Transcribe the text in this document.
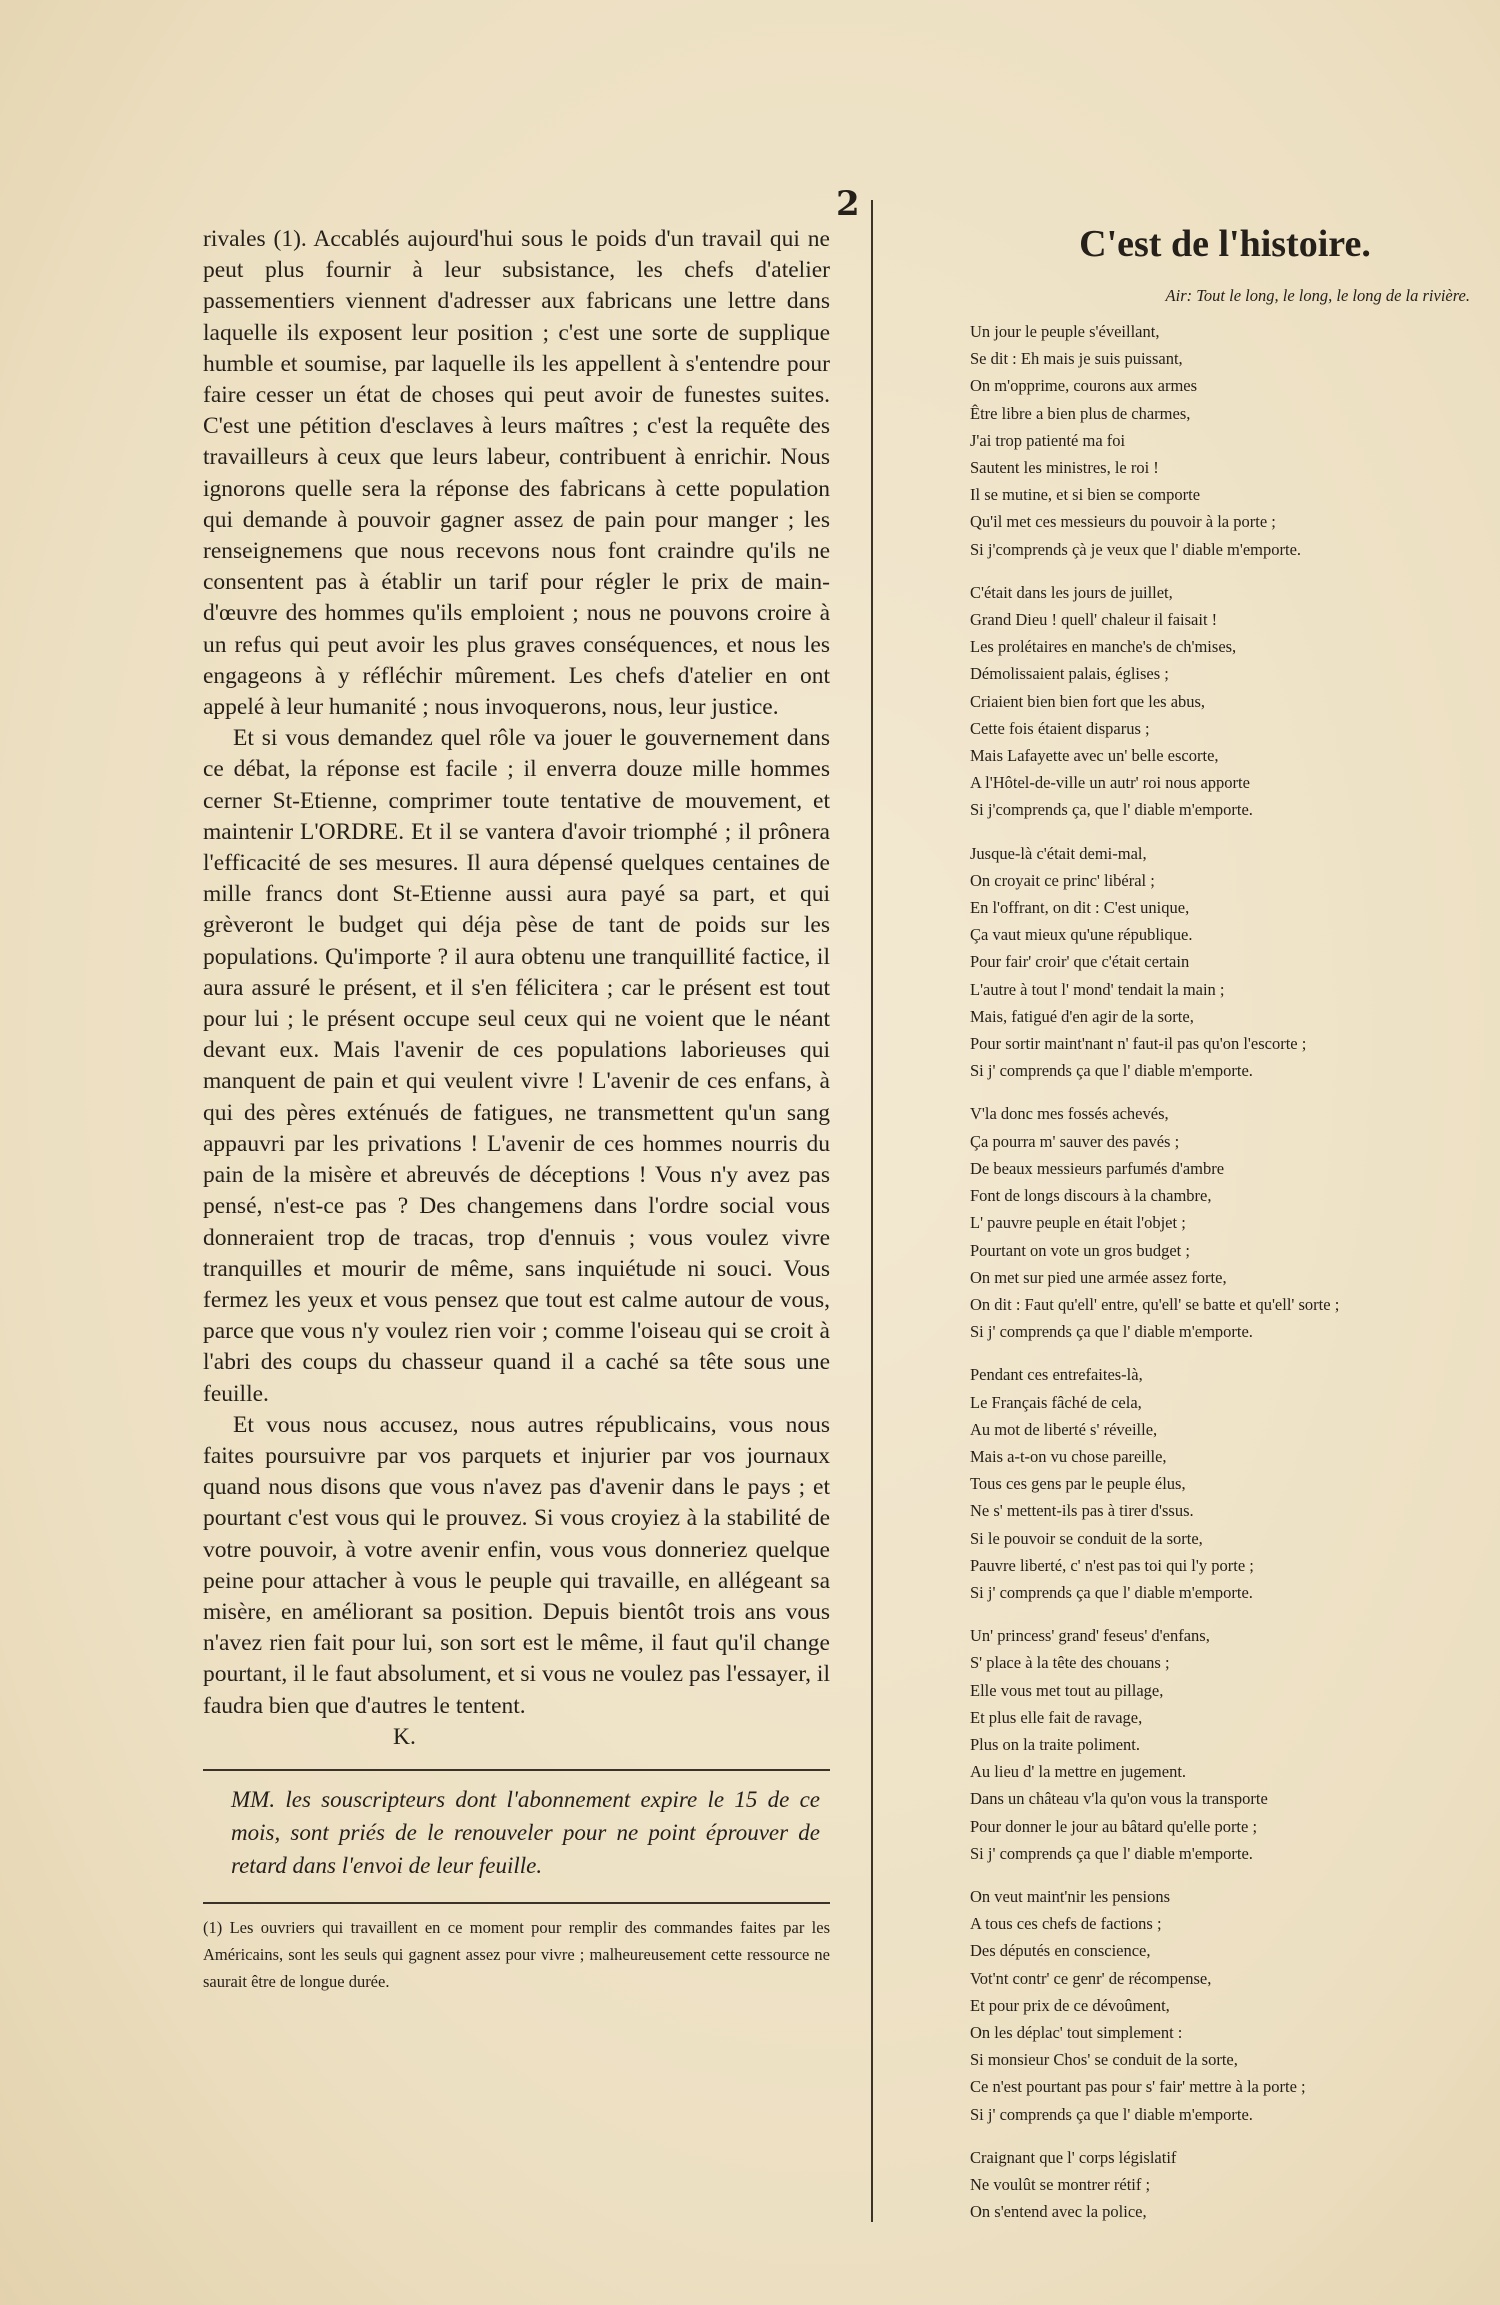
2

rivales (1). Accablés aujourd'hui sous le poids d'un travail qui ne peut plus fournir à leur subsistance, les chefs d'atelier passementiers viennent d'adresser aux fabricans une lettre dans laquelle ils exposent leur position ; c'est une sorte de supplique humble et soumise, par laquelle ils les appellent à s'entendre pour faire cesser un état de choses qui peut avoir de funestes suites. C'est une pétition d'esclaves à leurs maîtres ; c'est la requête des travailleurs à ceux que leurs labeur, contribuent à enrichir. Nous ignorons quelle sera la réponse des fabricans à cette population qui demande à pouvoir gagner assez de pain pour manger ; les renseignemens que nous recevons nous font craindre qu'ils ne consentent pas à établir un tarif pour régler le prix de main-d'œuvre des hommes qu'ils emploient ; nous ne pouvons croire à un refus qui peut avoir les plus graves conséquences, et nous les engageons à y réfléchir mûrement. Les chefs d'atelier en ont appelé à leur humanité ; nous invoquerons, nous, leur justice.

Et si vous demandez quel rôle va jouer le gouvernement dans ce débat, la réponse est facile ; il enverra douze mille hommes cerner St-Etienne, comprimer toute tentative de mouvement, et maintenir L'ORDRE. Et il se vantera d'avoir triomphé ; il prônera l'efficacité de ses mesures. Il aura dépensé quelques centaines de mille francs dont St-Etienne aussi aura payé sa part, et qui grèveront le budget qui déja pèse de tant de poids sur les populations. Qu'importe ? il aura obtenu une tranquillité factice, il aura assuré le présent, et il s'en félicitera ; car le présent est tout pour lui ; le présent occupe seul ceux qui ne voient que le néant devant eux. Mais l'avenir de ces populations laborieuses qui manquent de pain et qui veulent vivre ! L'avenir de ces enfans, à qui des pères exténués de fatigues, ne transmettent qu'un sang appauvri par les privations ! L'avenir de ces hommes nourris du pain de la misère et abreuvés de déceptions ! Vous n'y avez pas pensé, n'est-ce pas ? Des changemens dans l'ordre social vous donneraient trop de tracas, trop d'ennuis ; vous voulez vivre tranquilles et mourir de même, sans inquiétude ni souci. Vous fermez les yeux et vous pensez que tout est calme autour de vous, parce que vous n'y voulez rien voir ; comme l'oiseau qui se croit à l'abri des coups du chasseur quand il a caché sa tête sous une feuille.

Et vous nous accusez, nous autres républicains, vous nous faites poursuivre par vos parquets et injurier par vos journaux quand nous disons que vous n'avez pas d'avenir dans le pays ; et pourtant c'est vous qui le prouvez. Si vous croyiez à la stabilité de votre pouvoir, à votre avenir enfin, vous vous donneriez quelque peine pour attacher à vous le peuple qui travaille, en allégeant sa misère, en améliorant sa position. Depuis bientôt trois ans vous n'avez rien fait pour lui, son sort est le même, il faut qu'il change pourtant, il le faut absolument, et si vous ne voulez pas l'essayer, il faudra bien que d'autres le tentent.

K.
MM. les souscripteurs dont l'abonnement expire le 15 de ce mois, sont priés de le renouveler pour ne point éprouver de retard dans l'envoi de leur feuille.
(1) Les ouvriers qui travaillent en ce moment pour remplir des commandes faites par les Américains, sont les seuls qui gagnent assez pour vivre ; malheureusement cette ressource ne saurait être de longue durée.
C'est de l'histoire.
Air: Tout le long, le long, le long de la rivière.
Un jour le peuple s'éveillant,
Se dit : Eh mais je suis puissant,
On m'opprime, courons aux armes
Être libre a bien plus de charmes,
J'ai trop patienté ma foi
Sautent les ministres, le roi !
Il se mutine, et si bien se comporte
Qu'il met ces messieurs du pouvoir à la porte ;
Si j'comprends çà je veux que l' diable m'emporte.
C'était dans les jours de juillet,
Grand Dieu ! quell' chaleur il faisait !
Les prolétaires en manche's de ch'mises,
Démolissaient palais, églises ;
Criaient bien bien fort que les abus,
Cette fois étaient disparus ;
Mais Lafayette avec un' belle escorte,
A l'Hôtel-de-ville un autr' roi nous apporte
Si j'comprends ça, que l' diable m'emporte.
Jusque-là c'était demi-mal,
On croyait ce princ' libéral ;
En l'offrant, on dit : C'est unique,
Ça vaut mieux qu'une république.
Pour fair' croir' que c'était certain
L'autre à tout l' mond' tendait la main ;
Mais, fatigué d'en agir de la sorte,
Pour sortir maint'nant n' faut-il pas qu'on l'escorte ;
Si j' comprends ça que l' diable m'emporte.
V'la donc mes fossés achevés,
Ça pourra m' sauver des pavés ;
De beaux messieurs parfumés d'ambre
Font de longs discours à la chambre,
L' pauvre peuple en était l'objet ;
Pourtant on vote un gros budget ;
On met sur pied une armée assez forte,
On dit : Faut qu'ell' entre, qu'ell' se batte et qu'ell' sorte ;
Si j' comprends ça que l' diable m'emporte.
Pendant ces entrefaites-là,
Le Français fâché de cela,
Au mot de liberté s' réveille,
Mais a-t-on vu chose pareille,
Tous ces gens par le peuple élus,
Ne s' mettent-ils pas à tirer d'ssus.
Si le pouvoir se conduit de la sorte,
Pauvre liberté, c' n'est pas toi qui l'y porte ;
Si j' comprends ça que l' diable m'emporte.
Un' princess' grand' feseus' d'enfans,
S' place à la tête des chouans ;
Elle vous met tout au pillage,
Et plus elle fait de ravage,
Plus on la traite poliment.
Au lieu d' la mettre en jugement.
Dans un château v'la qu'on vous la transporte
Pour donner le jour au bâtard qu'elle porte ;
Si j' comprends ça que l' diable m'emporte.
On veut maint'nir les pensions
A tous ces chefs de factions ;
Des députés en conscience,
Vot'nt contr' ce genr' de récompense,
Et pour prix de ce dévoûment,
On les déplac' tout simplement :
Si monsieur Chos' se conduit de la sorte,
Ce n'est pourtant pas pour s' fair' mettre à la porte ;
Si j' comprends ça que l' diable m'emporte.
Craignant que l' corps législatif
Ne voulût se montrer rétif ;
On s'entend avec la police,
